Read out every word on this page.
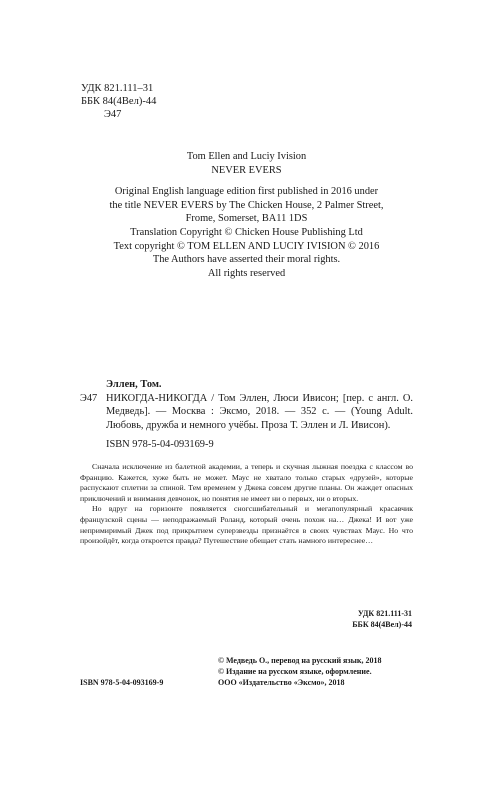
УДК 821.111–31
ББК 84(4Вел)-44
Э47
Tom Ellen and Luciy Ivision
NEVER EVERS
Original English language edition first published in 2016 under
the title NEVER EVERS by The Chicken House, 2 Palmer Street,
Frome, Somerset, BA11 1DS
Translation Copyright © Chicken House Publishing Ltd
Text copyright © TOM ELLEN AND LUCIY IVISION © 2016
The Authors have asserted their moral rights.
All rights reserved
Эллен, Том.
Э47 НИКОГДА-НИКОГДА / Том Эллен, Люси Ивисон; [пер. с англ. О. Медведь]. — Москва : Эксмо, 2018. — 352 с. — (Young Adult. Любовь, дружба и немного учёбы. Проза Т. Эллен и Л. Ивисон).
ISBN 978-5-04-093169-9

Сначала исключение из балетной академии, а теперь и скучная лыжная поездка с классом во Францию. Кажется, хуже быть не может. Маус не хватало только старых «друзей», которые распускают сплетни за спиной. Тем временем у Джека совсем другие планы. Он жаждет опасных приключений и внимания девчонок, но понятия не имеет ни о первых, ни о вторых.

Но вдруг на горизонте появляется сногсшибательный и мегапопулярный красавчик французской сцены — неподражаемый Роланд, который очень похож на… Джека! И вот уже непримиримый Джек под прикрытием суперзвезды признаётся в своих чувствах Маус. Но что произойдёт, когда откроется правда? Путешествие обещает стать намного интереснее…

УДК 821.111-31
ББК 84(4Вел)-44
© Медведь О., перевод на русский язык, 2018
© Издание на русском языке, оформление.
ООО «Издательство «Эксмо», 2018
ISBN 978-5-04-093169-9
